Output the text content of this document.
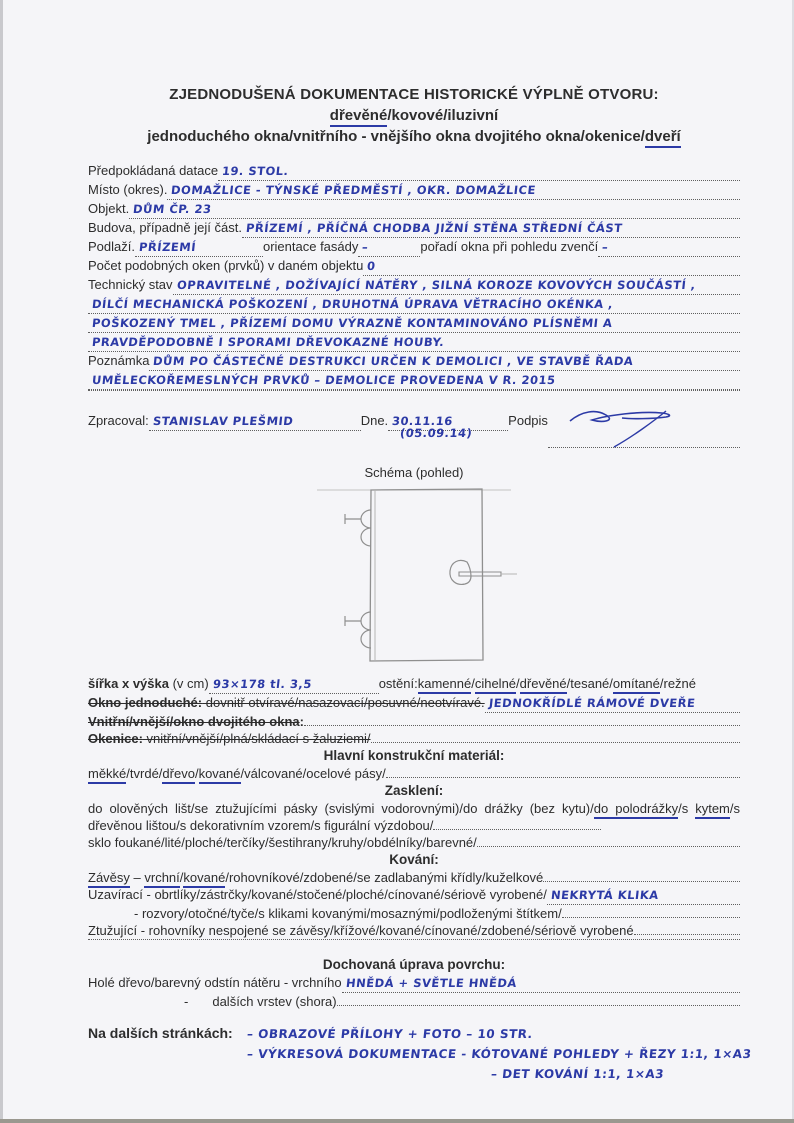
ZJEDNODUŠENÁ DOKUMENTACE HISTORICKÉ VÝPLNĚ OTVORU:
dřevěné/kovové/iluzivní
jednoduchého okna/vnitřního - vnějšího okna dvojitého okna/okenice/dveří
Předpokládaná datace 19. STOL.
Místo (okres). DOMAŽLICE - TÝNSKÉ PŘEDMĚSTÍ , OKR. DOMAŽLICE
Objekt. DŮM ČP. 23
Budova, případně její část. PŘÍZEMÍ , PŘÍČNÁ CHODBA JIŽNÍ STĚNA STŘEDNÍ ČÁST
Podlaží. PŘÍZEMÍ	orientace fasády –	pořadí okna při pohledu zvenčí –
Počet podobných oken (prvků) v daném objektu 0
Technický stav OPRAVITELNÉ , DOŽÍVAJÍCÍ NÁTĚRY , SILNÁ KOROZE KOVOVÝCH SOUČÁSTÍ ,
DÍLČÍ MECHANICKÁ POŠKOZENÍ , DRUHOTNÁ ÚPRAVA VĚTRACÍHO OKÉNKA ,
POŠKOZENÝ TMEL , PŘÍZEMÍ DOMU VÝRAZNĚ KONTAMINOVÁNO PLÍSNĚMI A
PRAVDĚPODOBNĚ I SPORAMI DŘEVOKAZNÉ HOUBY.
Poznámka DŮM PO ČÁSTEČNÉ DESTRUKCI URČEN K DEMOLICI , VE STAVBĚ ŘADA
UMĚLECKOŘEMESLNÝCH PRVKŮ – DEMOLICE PROVEDENA V R. 2015
Zpracoval: STANISLAV PLEŠMID	Dne. 30.11.16
(05.09.14)
Podpis
Schéma (pohled)
šířka x výška (v cm) 93×178 tl. 3,5	ostění: kamenné/cihelné/dřevěné/tesané/omítané/režné
Okno jednoduché: dovnitř otvíravé/nasazovací/posuvné/neotvíravé. JEDNOKŘÍDLÉ RÁMOVÉ DVEŘE
Vnitřní/vnější/okno dvojitého okna:
Okenice: vnitřní/vnější/plná/skládací s žaluziemi/
Hlavní konstrukční materiál:
měkké/tvrdé/dřevo/kované/válcované/ocelové pásy/
Zasklení:

do olověných lišt/se ztužujícími pásky (svislými vodorovnými)/do drážky (bez kytu)/do polodrážky/s kytem/s dřevěnou lištou/s dekorativním vzorem/s figurální výzdobou/

sklo foukané/lité/ploché/terčíky/šestihrany/kruhy/obdélníky/barevné/
Kování:
Závěsy – vrchní/kované/rohovníkové/zdobené/se zadlabanými křídly/kuželkové
Uzavírací - obrtlíky/zástrčky/kované/stočené/ploché/cínované/sériově vyrobené/ NEKRYTÁ KLIKA
- rozvory/otočné/tyče/s klikami kovanými/mosaznými/podloženými štítkem/
Ztužující - rohovníky nespojené se závěsy/křížové/kované/cínované/zdobené/sériově vyrobené
Dochovaná úprava povrchu:
Holé dřevo/barevný odstín nátěru - vrchního HNĚDÁ + SVĚTLE HNĚDÁ
- dalších vrstev (shora)
Na dalších stránkách:	– OBRAZOVÉ PŘÍLOHY + FOTO – 10 STR.
– VÝKRESOVÁ DOKUMENTACE - KÓTOVANÉ POHLEDY + ŘEZY 1:1, 1×A3
– DET KOVÁNÍ 1:1, 1×A3
